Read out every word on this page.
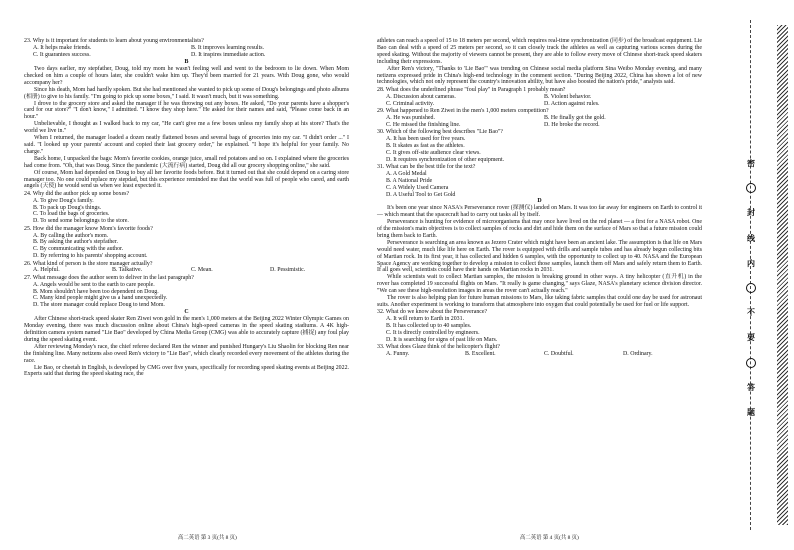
23. Why is it important for students to learn about young environmentalists?

A. It helps make friends.	B. It improves learning results.
C. It guarantees success.	D. It inspires immediate action.

B

Two days earlier, my stepfather, Doug, told my mom he wasn't feeling well and went to the bedroom to lie down. When Mom checked on him a couple of hours later, she couldn't wake him up. They'd been married for 21 years. With Doug gone, who would accompany her?

Since his death, Mom had hardly spoken. But she had mentioned she wanted to pick up some of Doug's belongings and photo albums (相册) to give to his family. "I'm going to pick up some boxes," I said. It wasn't much, but it was something.

I drove to the grocery store and asked the manager if he was throwing out any boxes. He asked, "Do your parents have a shopper's card for our store?" "I don't know," I admitted. "I know they shop here." He asked for their names and said, "Please come back in an hour."

Unbelievable, I thought as I walked back to my car, "He can't give me a few boxes unless my family shop at his store? That's the world we live in."

When I returned, the manager loaded a dozen neatly flattened boxes and several bags of groceries into my car. "I didn't order ..." I said. "I looked up your parents' account and copied their last grocery order," he explained. "I hope it's helpful for your family. No charge."

Back home, I unpacked the bags: Mom's favorite cookies, orange juice, small red potatoes and so on. I explained where the groceries had come from. "Oh, that was Doug. Since the pandemic (大流行病) started, Doug did all our grocery shopping online," she said.

Of course, Mom had depended on Doug to buy all her favorite foods before. But it turned out that she could depend on a caring store manager too. No one could replace my stepdad, but this experience reminded me that the world was full of people who cared, and earth angels (天使) he would send us when we least expected it.

24. Why did the author pick up some boxes?

A. To give Doug's family.

B. To pack up Doug's things.

C. To load the bags of groceries.

D. To send some belongings to the store.

25. How did the manager know Mom's favorite foods?

A. By calling the author's mom.

B. By asking the author's stepfather.

C. By communicating with the author.

D. By referring to his parents' shopping account.

26. What kind of person is the store manager actually?

A. Helpful.	B. Talkative.	C. Mean.	D. Pessimistic.

27. What message does the author seem to deliver in the last paragraph?

A. Angels would be sent to the earth to care people.

B. Mom shouldn't have been too dependent on Doug.

C. Many kind people might give us a hand unexpectedly.

D. The store manager could replace Doug to tend Mom.

C

After Chinese short-track speed skater Ren Ziwei won gold in the men's 1,000 meters at the Beijing 2022 Winter Olympic Games on Monday evening, there was much discussion online about China's high-speed cameras in the speed skating stadiums. A 4K high-definition camera system named "Lie Bao" developed by China Media Group (CMG) was able to accurately capture (捕捉) any foul play during the speed skating event.

After reviewing Monday's race, the chief referee declared Ren the winner and punished Hungary's Liu Shaolin for blocking Ren near the finishing line. Many netizens also owed Ren's victory to "Lie Bao", which clearly recorded every movement of the athletes during the race.

Lie Bao, or cheetah in English, is developed by CMG over five years, specifically for recording speed skating events at Beijing 2022. Experts said that during the speed skating race, the

高二英语 第 3 页(共 8 页)

athletes can reach a speed of 15 to 18 meters per second, which requires real-time synchronization (同步) of the broadcast equipment. Lie Bao can deal with a speed of 25 meters per second, so it can closely track the athletes as well as capturing various scenes during the speed skating. Without the majority of viewers cannot be present, they are able to follow every move of Chinese short-track speed skaters including their expressions.

After Ren's victory, "Thanks to 'Lie Bao'" was trending on Chinese social media platform Sina Weibo Monday evening, and many netizens expressed pride in China's high-end technology in the comment section. "During Beijing 2022, China has shown a lot of new technologies, which not only represent the country's innovation ability, but have also boosted the nation's pride," analysts said.

28. What does the underlined phrase "foul play" in Paragraph 1 probably mean?

A. Discussion about cameras.	B. Violent behavior.
C. Criminal activity.	D. Action against rules.

29. What happened to Ren Ziwei in the men's 1,000 meters competition?

A. He was punished.	B. He finally got the gold.
C. He missed the finishing line.	D. He broke the record.

30. Which of the following best describes "Lie Bao"?

A. It has been used for five years.

B. It skates as fast as the athletes.

C. It gives off-site audience clear views.

D. It requires synchronization of other equipment.

31. What can be the best title for the text?

A. A Gold Medal

B. A National Pride

C. A Widely Used Camera

D. A Useful Tool to Get Gold

D

It's been one year since NASA's Perseverance rover (探测仪) landed on Mars. It was too far away for engineers on Earth to control it — which meant that the spacecraft had to carry out tasks all by itself.

Perseverance is hunting for evidence of microorganisms that may once have lived on the red planet — a first for a NASA robot. One of the mission's main objectives is to collect samples of rocks and dirt and hide them on the surface of Mars so that a future mission could bring them back to Earth.

Perseverance is searching an area known as Jezero Crater which might have been an ancient lake. The assumption is that life on Mars would need water, much like life here on Earth. The rover is equipped with drills and sample tubes and has already begun collecting bits of Martian rock. In its first year, it has collected and hidden 6 samples, with the opportunity to collect up to 40. NASA and the European Space Agency are working together to develop a mission to collect those samples, launch them off Mars and safely return them to Earth. If all goes well, scientists could have their hands on Martian rocks in 2031.

While scientists wait to collect Martian samples, the mission is breaking ground in other ways. A tiny helicopter (直升机) in the rover has completed 19 successful flights on Mars. "It really is game changing," says Glaze, NASA's planetary science division director. "We can see these high-resolution images in areas the rover can't actually reach."

The rover is also helping plan for future human missions to Mars, like taking fabric samples that could one day be used for astronaut suits. Another experiment is working to transform that atmosphere into oxygen that could potentially be used for fuel or life support.

32. What do we know about the Perseverance?

A. It will return to Earth in 2031.

B. It has collected up to 40 samples.

C. It is directly controlled by engineers.

D. It is searching for signs of past life on Mars.

33. What does Glaze think of the helicopter's flight?

A. Funny.	B. Excellent.	C. Doubtful.	D. Ordinary.
高二英语 第 4 页(共 8 页)
密
封
线
内
不
要
答
题
